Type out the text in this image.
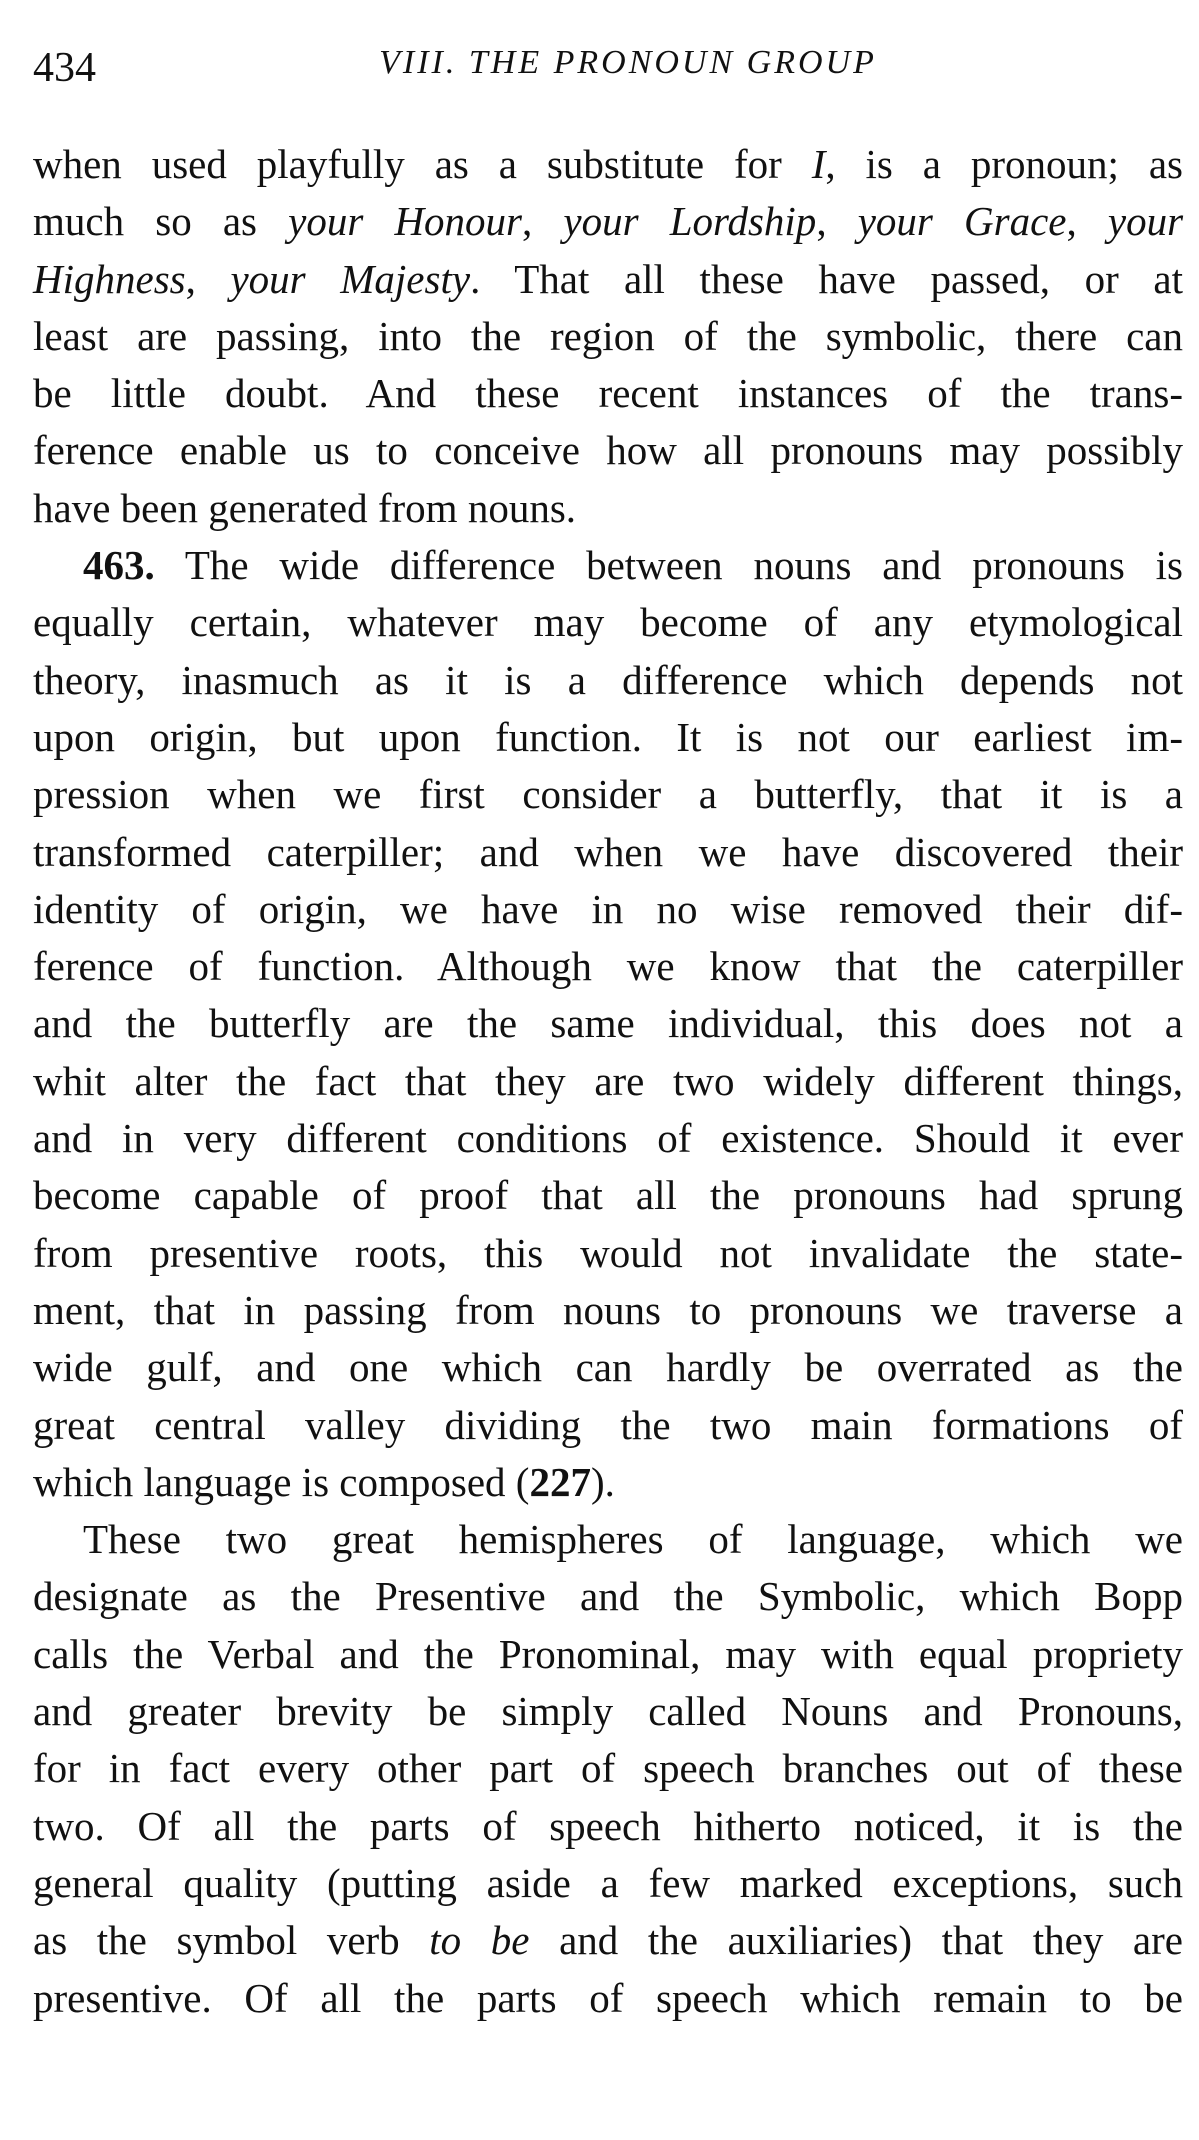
434	VIII. THE PRONOUN GROUP
when used playfully as a substitute for I, is a pronoun; as
much so as your Honour, your Lordship, your Grace, your
Highness, your Majesty. That all these have passed, or at
least are passing, into the region of the symbolic, there can
be little doubt. And these recent instances of the trans-
ference enable us to conceive how all pronouns may possibly
have been generated from nouns.
463. The wide difference between nouns and pronouns is
equally certain, whatever may become of any etymological
theory, inasmuch as it is a difference which depends not
upon origin, but upon function. It is not our earliest im-
pression when we first consider a butterfly, that it is a
transformed caterpiller; and when we have discovered their
identity of origin, we have in no wise removed their dif-
ference of function. Although we know that the caterpiller
and the butterfly are the same individual, this does not a
whit alter the fact that they are two widely different things,
and in very different conditions of existence. Should it ever
become capable of proof that all the pronouns had sprung
from presentive roots, this would not invalidate the state-
ment, that in passing from nouns to pronouns we traverse a
wide gulf, and one which can hardly be overrated as the
great central valley dividing the two main formations of
which language is composed (227).
These two great hemispheres of language, which we
designate as the Presentive and the Symbolic, which Bopp
calls the Verbal and the Pronominal, may with equal propriety
and greater brevity be simply called Nouns and Pronouns,
for in fact every other part of speech branches out of these
two. Of all the parts of speech hitherto noticed, it is the
general quality (putting aside a few marked exceptions, such
as the symbol verb to be and the auxiliaries) that they are
presentive. Of all the parts of speech which remain to be
